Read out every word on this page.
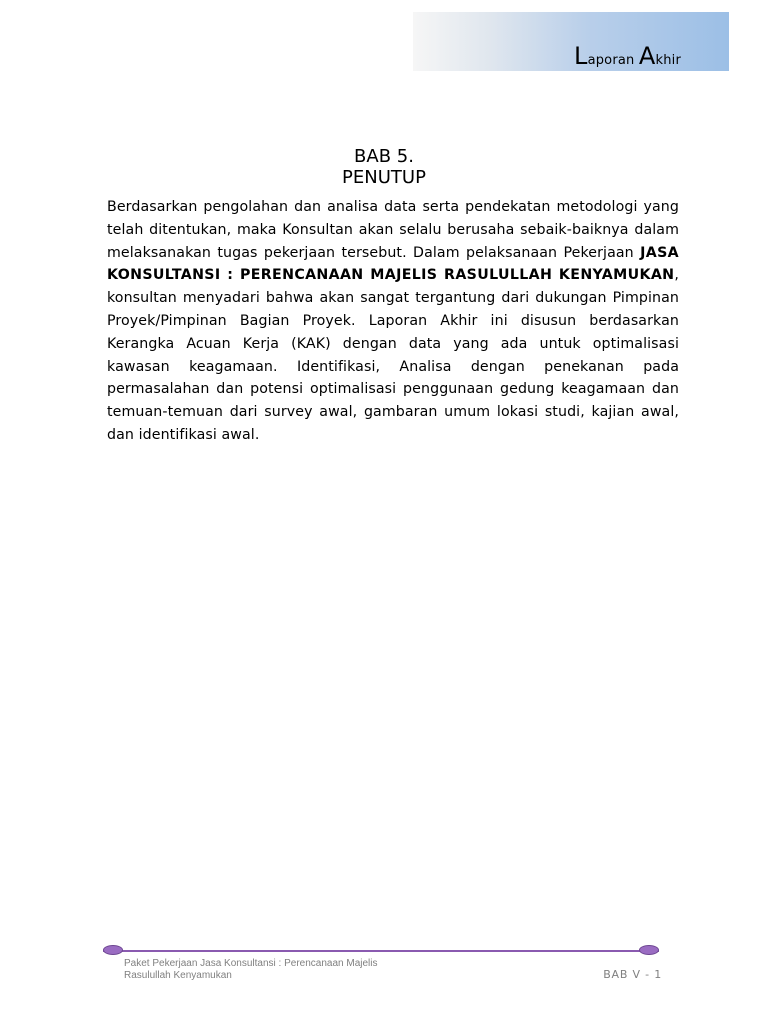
Laporan Akhir
BAB 5.
PENUTUP

Berdasarkan pengolahan dan analisa data serta pendekatan metodologi yang telah ditentukan, maka Konsultan akan selalu berusaha sebaik-baiknya dalam melaksanakan tugas pekerjaan tersebut. Dalam pelaksanaan Pekerjaan JASA KONSULTANSI : PERENCANAAN MAJELIS RASULULLAH KENYAMUKAN, konsultan menyadari bahwa akan sangat tergantung dari dukungan Pimpinan Proyek/Pimpinan Bagian Proyek. Laporan Akhir ini disusun berdasarkan Kerangka Acuan Kerja (KAK) dengan data yang ada untuk optimalisasi kawasan keagamaan. Identifikasi, Analisa dengan penekanan pada permasalahan dan potensi optimalisasi penggunaan gedung keagamaan dan temuan-temuan dari survey awal, gambaran umum lokasi studi, kajian awal, dan identifikasi awal.

Paket Pekerjaan Jasa Konsultansi : Perencanaan Majelis
Rasulullah Kenyamukan	BAB V - 1
